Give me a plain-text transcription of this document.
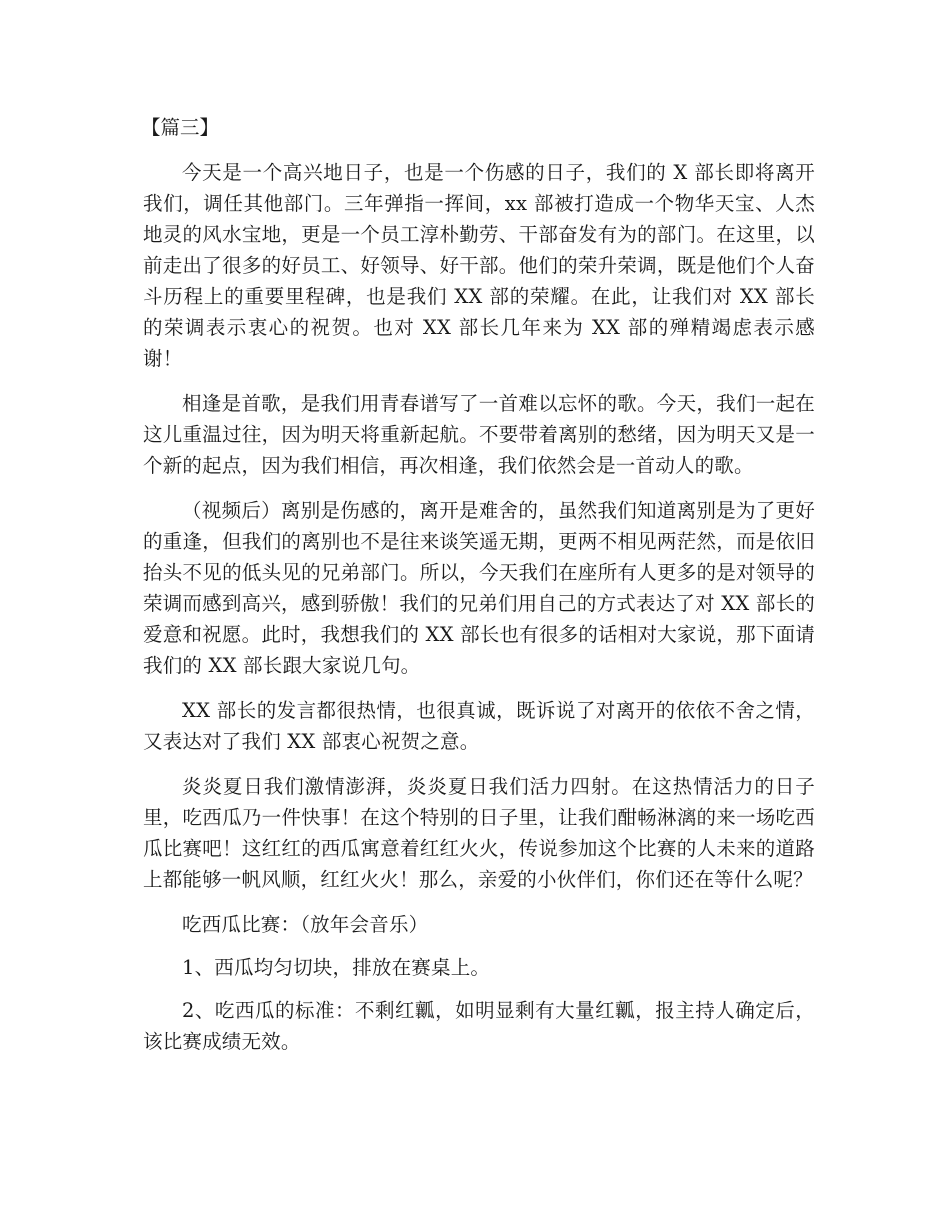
【篇三】

今天是一个高兴地日子，也是一个伤感的日子，我们的 X 部长即将离开我们，调任其他部门。三年弹指一挥间，xx 部被打造成一个物华天宝、人杰地灵的风水宝地，更是一个员工淳朴勤劳、干部奋发有为的部门。在这里，以前走出了很多的好员工、好领导、好干部。他们的荣升荣调，既是他们个人奋斗历程上的重要里程碑，也是我们 XX 部的荣耀。在此，让我们对 XX 部长的荣调表示衷心的祝贺。也对 XX 部长几年来为 XX 部的殚精竭虑表示感谢！

相逢是首歌，是我们用青春谱写了一首难以忘怀的歌。今天，我们一起在这儿重温过往，因为明天将重新起航。不要带着离别的愁绪，因为明天又是一个新的起点，因为我们相信，再次相逢，我们依然会是一首动人的歌。

（视频后）离别是伤感的，离开是难舍的，虽然我们知道离别是为了更好的重逢，但我们的离别也不是往来谈笑遥无期，更两不相见两茫然，而是依旧抬头不见的低头见的兄弟部门。所以，今天我们在座所有人更多的是对领导的荣调而感到高兴，感到骄傲！我们的兄弟们用自己的方式表达了对 XX 部长的爱意和祝愿。此时，我想我们的 XX 部长也有很多的话相对大家说，那下面请我们的 XX 部长跟大家说几句。

XX 部长的发言都很热情，也很真诚，既诉说了对离开的依依不舍之情，又表达对了我们 XX 部衷心祝贺之意。

炎炎夏日我们激情澎湃，炎炎夏日我们活力四射。在这热情活力的日子里，吃西瓜乃一件快事！在这个特别的日子里，让我们酣畅淋漓的来一场吃西瓜比赛吧！这红红的西瓜寓意着红红火火，传说参加这个比赛的人未来的道路上都能够一帆风顺，红红火火！那么，亲爱的小伙伴们，你们还在等什么呢？

吃西瓜比赛：（放年会音乐）

1、西瓜均匀切块，排放在赛桌上。

2、吃西瓜的标准：不剩红瓤，如明显剩有大量红瓤，报主持人确定后，该比赛成绩无效。
